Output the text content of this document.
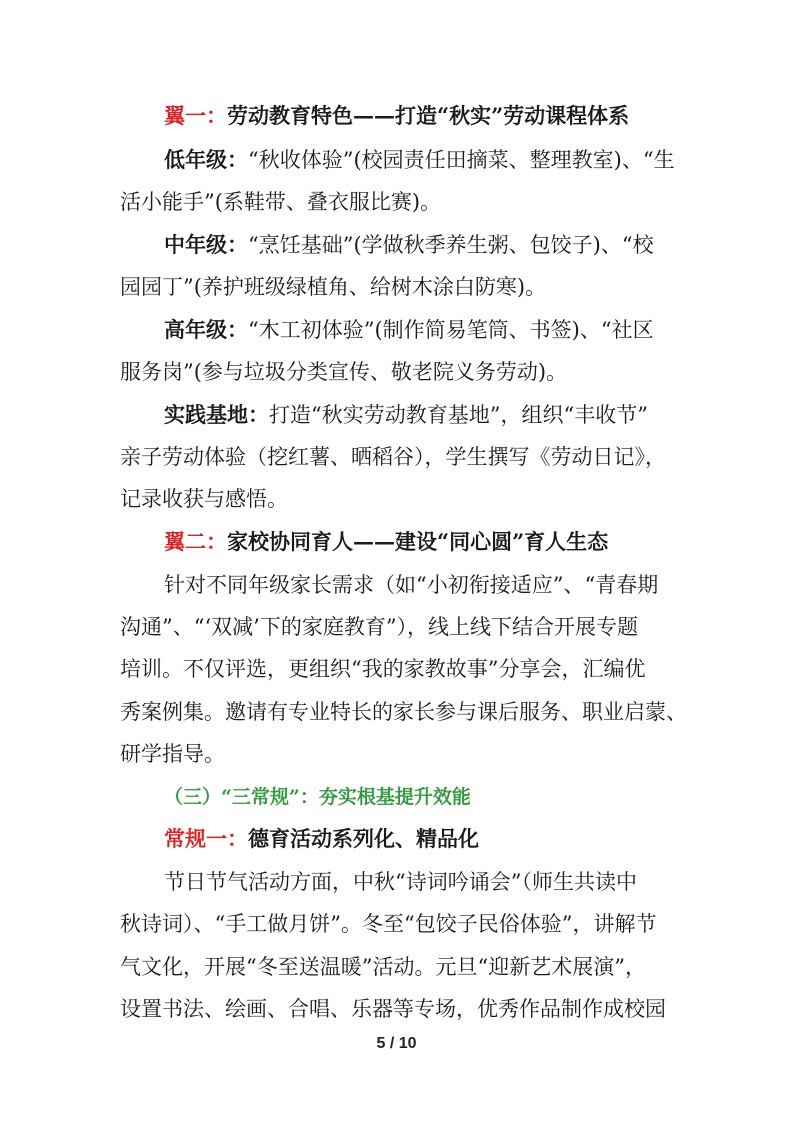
翼一：劳动教育特色——打造“秋实”劳动课程体系
低年级：“秋收体验”(校园责任田摘菜、整理教室)、“生
活小能手”(系鞋带、叠衣服比赛)。
中年级：“烹饪基础”(学做秋季养生粥、包饺子)、“校
园园丁”(养护班级绿植角、给树木涂白防寒)。
高年级：“木工初体验”(制作简易笔筒、书签)、“社区
服务岗”(参与垃圾分类宣传、敬老院义务劳动)。
实践基地：打造“秋实劳动教育基地”，组织“丰收节”
亲子劳动体验（挖红薯、晒稻谷），学生撰写《劳动日记》，
记录收获与感悟。
翼二：家校协同育人——建设“同心圆”育人生态
针对不同年级家长需求（如“小初衔接适应”、“青春期
沟通”、“‘双减’下的家庭教育”），线上线下结合开展专题
培训。不仅评选，更组织“我的家教故事”分享会，汇编优
秀案例集。邀请有专业特长的家长参与课后服务、职业启蒙、
研学指导。
（三）“三常规”：夯实根基提升效能
常规一：德育活动系列化、精品化
节日节气活动方面，中秋“诗词吟诵会”（师生共读中
秋诗词）、“手工做月饼”。冬至“包饺子民俗体验”，讲解节
气文化，开展“冬至送温暖”活动。元旦“迎新艺术展演”，
设置书法、绘画、合唱、乐器等专场，优秀作品制作成校园
5 / 10
